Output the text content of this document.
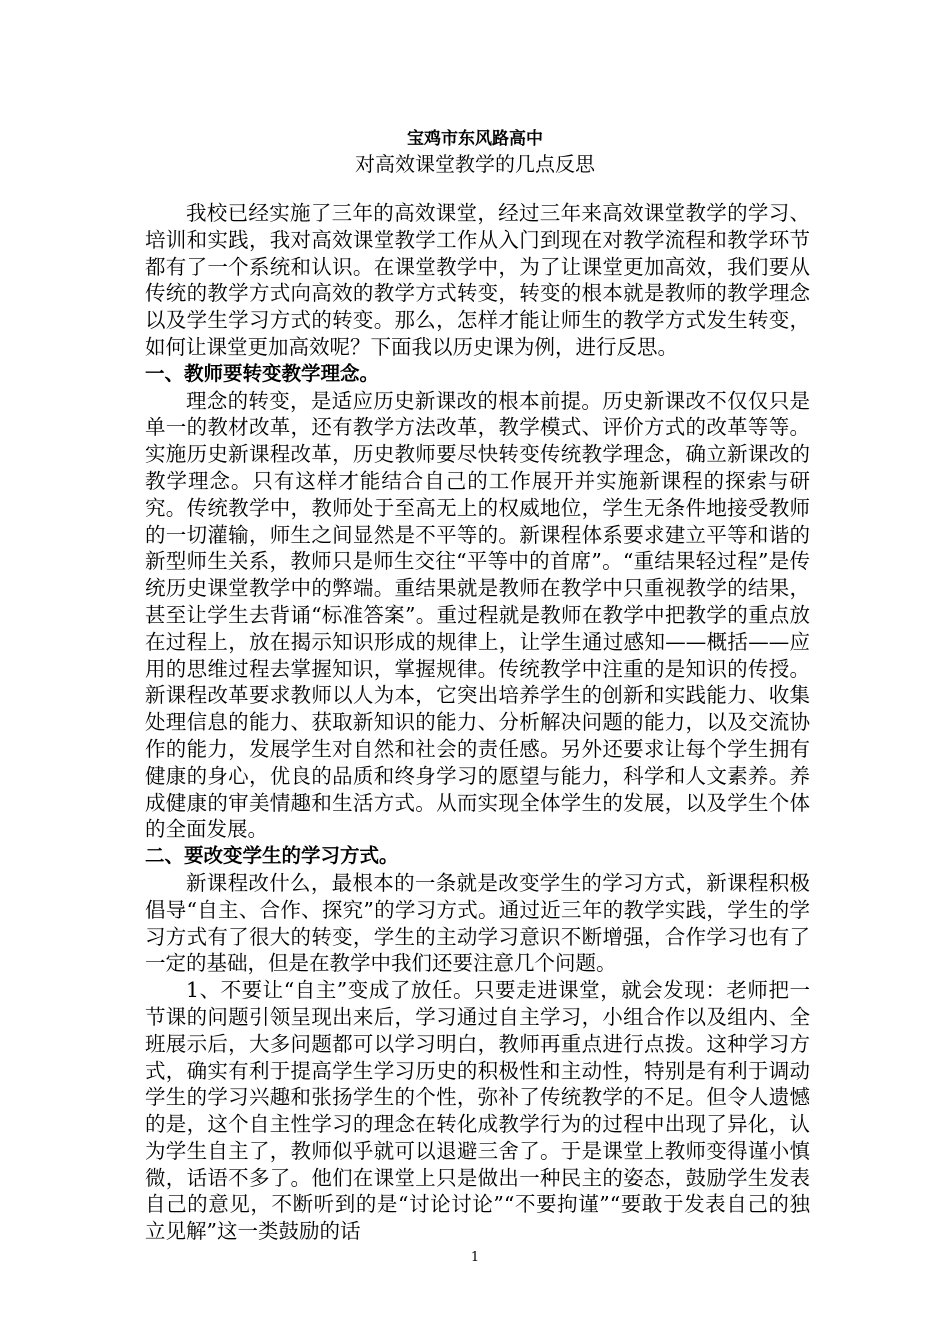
宝鸡市东风路高中
对高效课堂教学的几点反思

我校已经实施了三年的高效课堂，经过三年来高效课堂教学的学习、培训和实践，我对高效课堂教学工作从入门到现在对教学流程和教学环节都有了一个系统和认识。在课堂教学中，为了让课堂更加高效，我们要从传统的教学方式向高效的教学方式转变，转变的根本就是教师的教学理念以及学生学习方式的转变。那么，怎样才能让师生的教学方式发生转变，如何让课堂更加高效呢？下面我以历史课为例，进行反思。

一、教师要转变教学理念。

理念的转变，是适应历史新课改的根本前提。历史新课改不仅仅只是单一的教材改革，还有教学方法改革，教学模式、评价方式的改革等等。实施历史新课程改革，历史教师要尽快转变传统教学理念，确立新课改的教学理念。只有这样才能结合自己的工作展开并实施新课程的探索与研究。传统教学中，教师处于至高无上的权威地位，学生无条件地接受教师的一切灌输，师生之间显然是不平等的。新课程体系要求建立平等和谐的新型师生关系，教师只是师生交往“平等中的首席”。“重结果轻过程”是传统历史课堂教学中的弊端。重结果就是教师在教学中只重视教学的结果，甚至让学生去背诵“标准答案”。重过程就是教师在教学中把教学的重点放在过程上，放在揭示知识形成的规律上，让学生通过感知——概括——应用的思维过程去掌握知识，掌握规律。传统教学中注重的是知识的传授。新课程改革要求教师以人为本，它突出培养学生的创新和实践能力、收集处理信息的能力、获取新知识的能力、分析解决问题的能力，以及交流协作的能力，发展学生对自然和社会的责任感。另外还要求让每个学生拥有健康的身心，优良的品质和终身学习的愿望与能力，科学和人文素养。养成健康的审美情趣和生活方式。从而实现全体学生的发展，以及学生个体的全面发展。

二、要改变学生的学习方式。

新课程改什么，最根本的一条就是改变学生的学习方式，新课程积极倡导“自主、合作、探究”的学习方式。通过近三年的教学实践，学生的学习方式有了很大的转变，学生的主动学习意识不断增强，合作学习也有了一定的基础，但是在教学中我们还要注意几个问题。

1、不要让“自主”变成了放任。只要走进课堂，就会发现：老师把一节课的问题引领呈现出来后，学习通过自主学习，小组合作以及组内、全班展示后，大多问题都可以学习明白，教师再重点进行点拨。这种学习方式，确实有利于提高学生学习历史的积极性和主动性，特别是有利于调动学生的学习兴趣和张扬学生的个性，弥补了传统教学的不足。但令人遗憾的是，这个自主性学习的理念在转化成教学行为的过程中出现了异化，认为学生自主了，教师似乎就可以退避三舍了。于是课堂上教师变得谨小慎微，话语不多了。他们在课堂上只是做出一种民主的姿态，鼓励学生发表自己的意见，不断听到的是“讨论讨论”“不要拘谨”“要敢于发表自己的独立见解”这一类鼓励的话

1
